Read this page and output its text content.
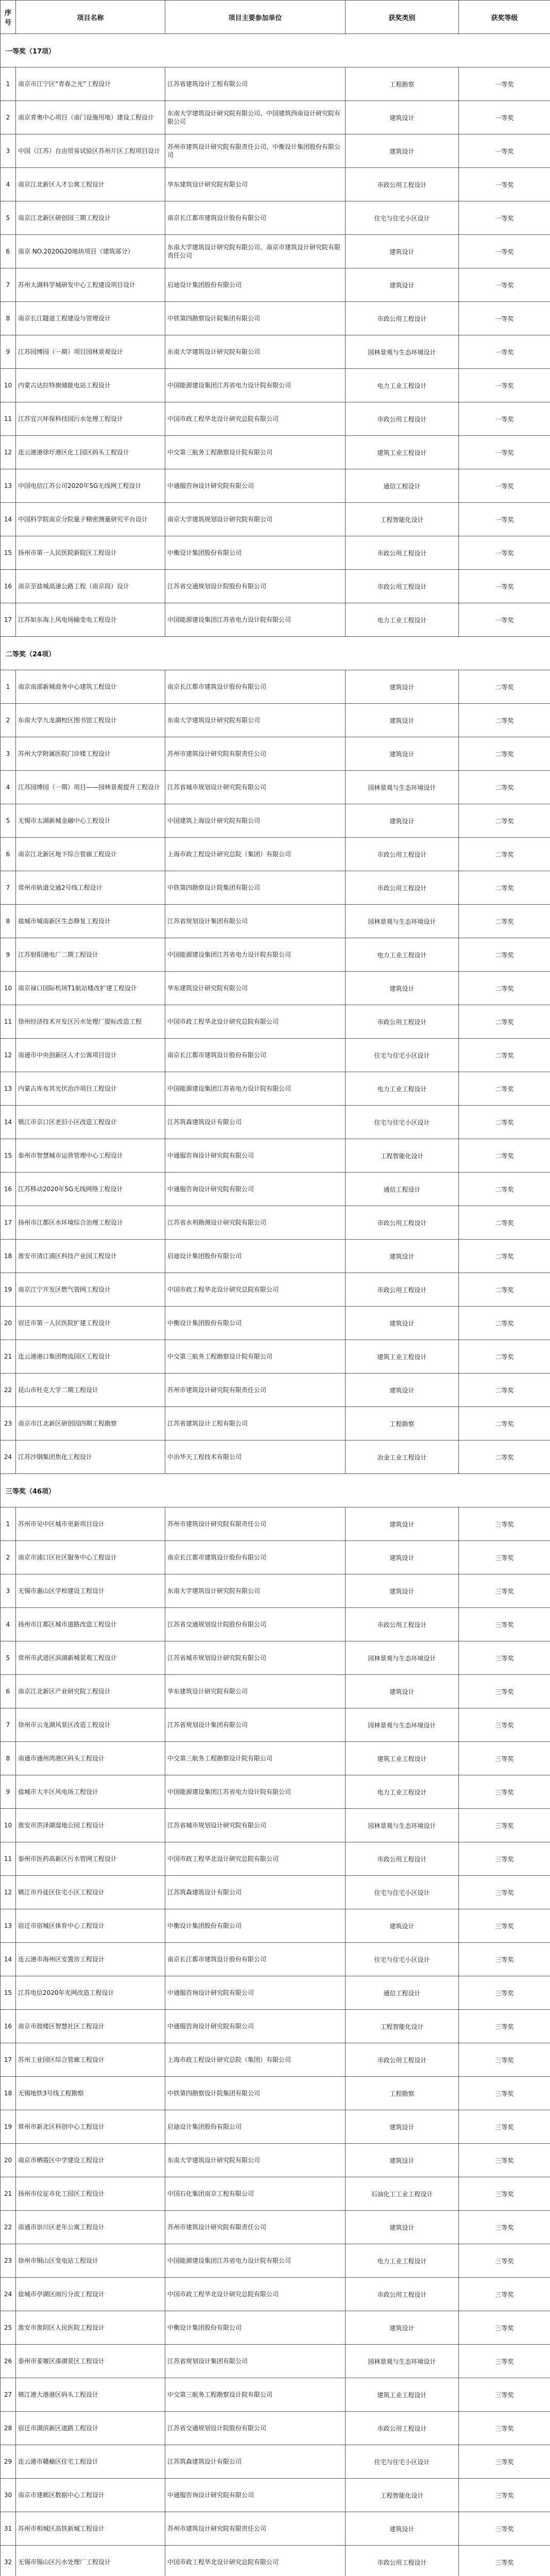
序号	项目名称	项目主要参加单位	获奖类别	获奖等级
一等奖（17项）				
1	南京市江宁区“青春之光”工程设计	江苏省建筑设计工程有限公司	工程勘察	一等奖
2	南京青奥中心项目（南门设施用地）建设工程设计	东南大学建筑设计研究院有限公司、中国建筑西南设计研究院有限公司	建筑设计	一等奖
3	中国（江苏）自由贸易试验区苏州片区工程项目设计	苏州市建筑设计研究院有限责任公司、中衡设计集团股份有限公司	建筑设计	一等奖
4	南京江北新区人才公寓工程设计	华东建筑设计研究院有限公司	市政公用工程设计	一等奖
5	南京江北新区研创园三期工程设计	南京长江都市建筑设计股份有限公司	住宅与住宅小区设计	一等奖
6	南京 NO.2020G20地块项目（建筑部分）	东南大学建筑设计研究院有限公司、南京市建筑设计研究院有限责任公司	建筑设计	一等奖
7	苏州太湖科学城研发中心工程建设项目设计	启迪设计集团股份有限公司	建筑设计	一等奖
8	南京长江隧道工程建设与管理设计	中铁第四勘察设计院集团有限公司	市政公用工程设计	一等奖
9	江苏园博园（一期）项目园林景观设计	东南大学建筑设计研究院有限公司	园林景观与生态环境设计	一等奖
10	内蒙古达拉特旗储能电站工程设计	中国能源建设集团江苏省电力设计院有限公司	电力工业工程设计	一等奖
11	江苏宜兴环保科技园污水处理工程设计	中国市政工程华北设计研究总院有限公司	市政公用工程设计	一等奖
12	连云港港徐圩港区化工园区码头工程设计	中交第三航务工程勘察设计院有限公司	建筑工业工程设计	一等奖
13	中国电信江苏公司2020年5G无线网工程设计	中通服咨询设计研究院有限公司	通信工程设计	一等奖
14	中国科学院南京分院量子精密测量研究平台设计	南京大学建筑规划设计研究院有限公司	工程智能化设计	一等奖
15	扬州市第一人民医院新院区工程设计	中衡设计集团股份有限公司	市政公用工程设计	一等奖
16	南京至盐城高速公路工程（南京段）设计	江苏省交通规划设计院股份有限公司	市政公用工程设计	一等奖
17	江苏如东海上风电场输变电工程设计	中国能源建设集团江苏省电力设计院有限公司	电力工业工程设计	一等奖
二等奖（24项）				
1	南京南部新城商务中心建筑工程设计	南京长江都市建筑设计股份有限公司	建筑设计	二等奖
2	东南大学九龙湖校区图书馆工程设计	东南大学建筑设计研究院有限公司	建筑设计	二等奖
3	苏州大学附属医院门诊楼工程设计	苏州市建筑设计研究院有限责任公司	建筑设计	二等奖
4	江苏园博园（一期）项目——园林景观提升工程设计	江苏省城市规划设计研究院有限公司	园林景观与生态环境设计	二等奖
5	无锡市太湖新城金融中心工程设计	中国建筑上海设计研究院有限公司	建筑设计	二等奖
6	南京江北新区地下综合管廊工程设计	上海市政工程设计研究总院（集团）有限公司	市政公用工程设计	二等奖
7	常州市轨道交通2号线工程设计	中铁第四勘察设计院集团有限公司	市政公用工程设计	二等奖
8	盐城市城南新区生态修复工程设计	江苏省规划设计集团有限公司	园林景观与生态环境设计	二等奖
9	江苏射阳港电厂二期工程设计	中国能源建设集团江苏省电力设计院有限公司	电力工业工程设计	二等奖
10	南京禄口国际机场T1航站楼改扩建工程设计	华东建筑设计研究院有限公司	建筑设计	二等奖
11	徐州经济技术开发区污水处理厂提标改造工程	中国市政工程华北设计研究总院有限公司	市政公用工程设计	二等奖
12	南通市中央创新区人才公寓项目设计	南京长江都市建筑设计股份有限公司	住宅与住宅小区设计	二等奖
13	内蒙古库布其光伏治沙项目工程设计	中国能源建设集团江苏省电力设计院有限公司	电力工业工程设计	二等奖
14	镇江市京口区老旧小区改造工程设计	江苏筑森建筑设计有限公司	住宅与住宅小区设计	二等奖
15	泰州市智慧城市运营管理中心工程设计	中通服咨询设计研究院有限公司	工程智能化设计	二等奖
16	江苏移动2020年5G无线网络工程设计	中通服咨询设计研究院有限公司	通信工程设计	二等奖
17	扬州市江都区水环境综合治理工程设计	江苏省水利勘测设计研究院有限公司	市政公用工程设计	二等奖
18	淮安市清江浦区科技产业园工程设计	启迪设计集团股份有限公司	建筑设计	二等奖
19	南京江宁开发区燃气管网工程设计	中国市政工程华北设计研究总院有限公司	市政公用工程设计	二等奖
20	宿迁市第一人民医院扩建工程设计	中衡设计集团股份有限公司	建筑设计	二等奖
21	连云港港口集团物流园区工程设计	中交第三航务工程勘察设计院有限公司	建筑工业工程设计	二等奖
22	昆山市杜克大学二期工程设计	苏州市建筑设计研究院有限责任公司	建筑设计	二等奖
23	南京市江北新区研创园四期工程勘察	江苏省建筑设计工程有限公司	工程勘察	二等奖
24	江苏沙钢集团焦化工程设计	中冶华天工程技术有限公司	冶金工业工程设计	二等奖
三等奖（46项）				
1	苏州市吴中区城市更新项目设计	苏州市建筑设计研究院有限责任公司	建筑设计	三等奖
2	南京市浦口区社区服务中心工程设计	南京长江都市建筑设计股份有限公司	建筑设计	三等奖
3	无锡市惠山区学校建设工程设计	东南大学建筑设计研究院有限公司	建筑设计	三等奖
4	扬州市江都区城市道路改造工程设计	江苏省交通规划设计院股份有限公司	市政公用工程设计	三等奖
5	常州市武进区滨湖新城景观工程设计	江苏省城市规划设计研究院有限公司	园林景观与生态环境设计	三等奖
6	南京江北新区产业研究院工程设计	华东建筑设计研究院有限公司	建筑设计	三等奖
7	徐州市云龙湖风景区改造工程设计	江苏省规划设计集团有限公司	园林景观与生态环境设计	三等奖
8	南通市通州湾港区码头工程设计	中交第三航务工程勘察设计院有限公司	建筑工业工程设计	三等奖
9	盐城市大丰区风电场工程设计	中国能源建设集团江苏省电力设计院有限公司	电力工业工程设计	三等奖
10	淮安市洪泽湖湿地公园工程设计	江苏省城市规划设计研究院有限公司	园林景观与生态环境设计	三等奖
11	泰州市医药高新区污水管网工程设计	中国市政工程华北设计研究总院有限公司	市政公用工程设计	三等奖
12	镇江市丹徒区住宅小区工程设计	江苏筑森建筑设计有限公司	住宅与住宅小区设计	三等奖
13	宿迁市宿城区体育中心工程设计	中衡设计集团股份有限公司	建筑设计	三等奖
14	连云港市海州区安置房工程设计	南京长江都市建筑设计股份有限公司	住宅与住宅小区设计	三等奖
15	江苏电信2020年光网改造工程设计	中通服咨询设计研究院有限公司	通信工程设计	三等奖
16	南京市鼓楼区智慧社区工程设计	中通服咨询设计研究院有限公司	工程智能化设计	三等奖
17	苏州工业园区综合管廊工程设计	上海市政工程设计研究总院（集团）有限公司	市政公用工程设计	三等奖
18	无锡地铁3号线工程勘察	中铁第四勘察设计院集团有限公司	工程勘察	三等奖
19	常州市新北区科创中心工程设计	启迪设计集团股份有限公司	建筑设计	三等奖
20	南京市栖霞区中学建设工程设计	东南大学建筑设计研究院有限公司	建筑设计	三等奖
21	扬州市仪征市化工园区工程设计	中国石化集团南京工程有限公司	石油化工工业工程设计	三等奖
22	南通市崇川区老年公寓工程设计	苏州市建筑设计研究院有限责任公司	建筑设计	三等奖
23	徐州市铜山区变电站工程设计	中国能源建设集团江苏省电力设计院有限公司	电力工业工程设计	三等奖
24	盐城市亭湖区雨污分流工程设计	中国市政工程华北设计研究总院有限公司	市政公用工程设计	三等奖
25	淮安市淮阴区人民医院工程设计	中衡设计集团股份有限公司	建筑设计	三等奖
26	泰州市姜堰区溱湖景区工程设计	江苏省规划设计集团有限公司	园林景观与生态环境设计	三等奖
27	镇江港大港港区码头工程设计	中交第三航务工程勘察设计院有限公司	建筑工业工程设计	三等奖
28	宿迁市湖滨新区道路工程设计	江苏省交通规划设计院股份有限公司	市政公用工程设计	三等奖
29	连云港市赣榆区住宅工程设计	江苏筑森建筑设计有限公司	住宅与住宅小区设计	三等奖
30	南京市建邺区数据中心工程设计	中通服咨询设计研究院有限公司	工程智能化设计	三等奖
31	苏州市相城区高铁新城工程设计	苏州市建筑设计研究院有限责任公司	建筑设计	三等奖
32	无锡市锡山区污水处理厂工程设计	中国市政工程华北设计研究总院有限公司	市政公用工程设计	三等奖
